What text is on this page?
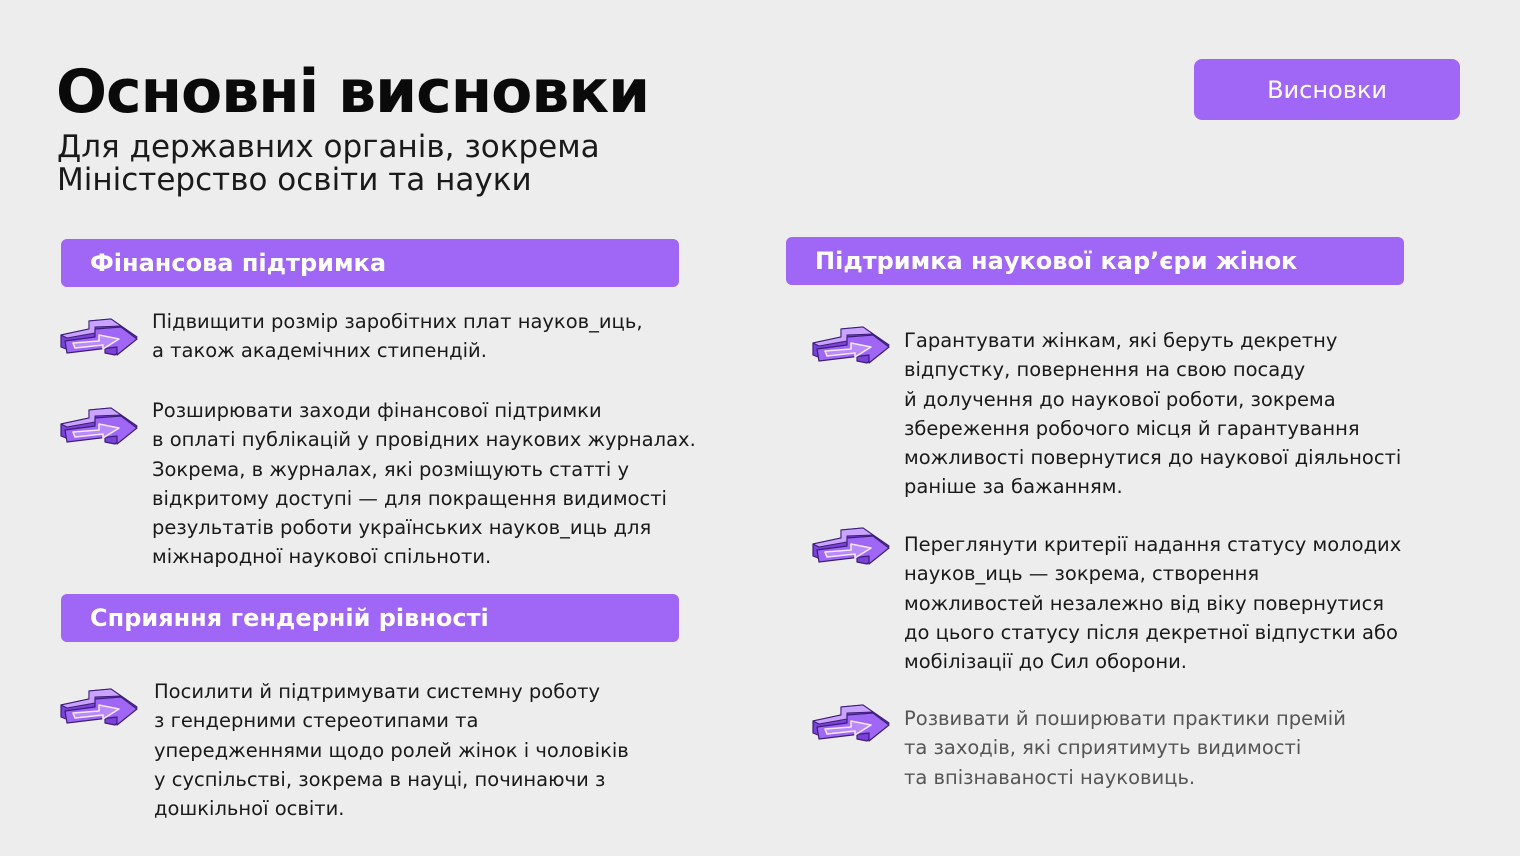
Основні висновки
Для державних органів, зокрема
Міністерство освіти та науки
Висновки
Фінансова підтримка
Підвищити розмір заробітних плат науков_иць,
а також академічних стипендій.
Розширювати заходи фінансової підтримки
в оплаті публікацій у провідних наукових журналах.
Зокрема, в журналах, які розміщують статті у
відкритому доступі — для покращення видимості
результатів роботи українських науков_иць для
міжнародної наукової спільноти.
Сприяння гендерній рівності
Посилити й підтримувати системну роботу
з гендерними стереотипами та
упередженнями щодо ролей жінок і чоловіків
у суспільстві, зокрема в науці, починаючи з
дошкільної освіти.
Підтримка наукової кар’єри жінок
Гарантувати жінкам, які беруть декретну
відпустку, повернення на свою посаду
й долучення до наукової роботи, зокрема
збереження робочого місця й гарантування
можливості повернутися до наукової діяльності
раніше за бажанням.
Переглянути критерії надання статусу молодих
науков_иць — зокрема, створення
можливостей незалежно від віку повернутися
до цього статусу після декретної відпустки або
мобілізації до Сил оборони.
Розвивати й поширювати практики премій
та заходів, які сприятимуть видимості
та впізнаваності науковиць.
